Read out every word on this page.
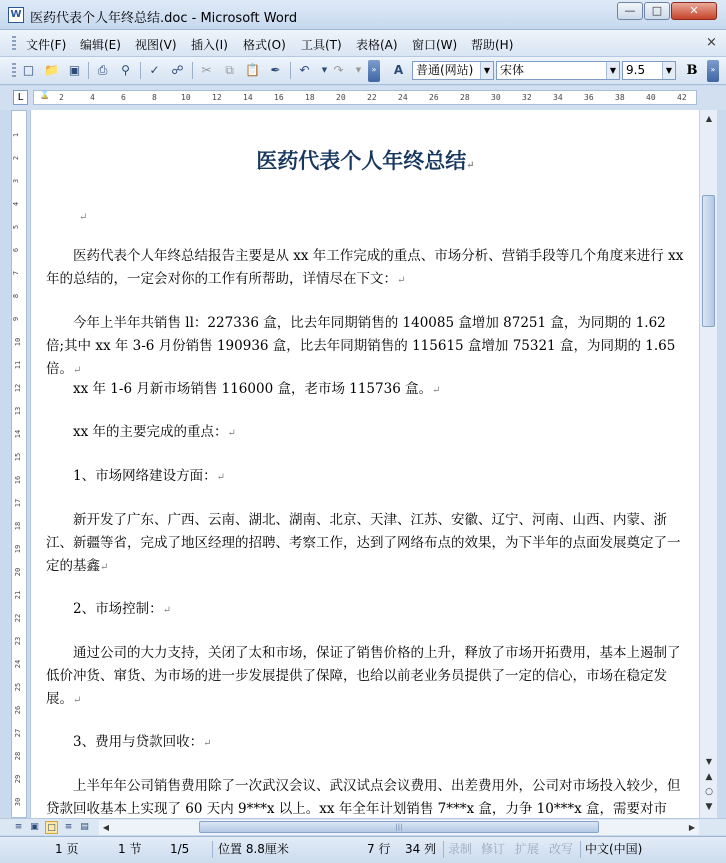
W 医药代表个人年终总结.doc - Microsoft Word
—	□	✕
文件(F) 编辑(E) 视图(V) 插入(I) 格式(O) 工具(T) 表格(A) 窗口(W) 帮助(H)	×
□ 📁 ▣	⎙	⚲	✓ ☍ ✂	⧉ 📋 ✒ ↶	▼ ↷	▼	»	A	普通(网站)	▼ 宋体	▼ 9.5	▼ B	»
L	⌛ 2	4	6	8	10	12	14	16	18	20	22	24	26	28	30	32	34	36	38	40	42
1
2
3
4
5
6
7
8
9
10
11
12
13
14
15
16
17
18
19
20
21
22
23
24
25
26
27
28
29
30
医药代表个人年终总结↵
↵
医药代表个人年终总结报告主要是从 xx 年工作完成的重点、市场分析、营销手段等几个角度来进行 xx 年的总结的，一定会对你的工作有所帮助，详情尽在下文：↵
今年上半年共销售 ll：227336 盒，比去年同期销售的 140085 盒增加 87251 盒，为同期的 1.62 倍;其中 xx 年 3-6 月份销售 190936 盒，比去年同期销售的 115615 盒增加 75321 盒，为同期的 1.65 倍。↵
xx 年 1-6 月新市场销售 116000 盒，老市场 115736 盒。↵
xx 年的主要完成的重点：↵
1、市场网络建设方面：↵
新开发了广东、广西、云南、湖北、湖南、北京、天津、江苏、安徽、辽宁、河南、山西、内蒙、浙江、新疆等省，完成了地区经理的招聘、考察工作，达到了网络布点的效果，为下半年的点面发展奠定了一定的基鑫↵
2、市场控制：↵
通过公司的大力支持，关闭了太和市场，保证了销售价格的上升，释放了市场开拓费用，基本上遏制了低价冲货、窜货、为市场的进一步发展提供了保障，也给以前老业务员提供了一定的信心，市场在稳定发展。↵
3、费用与贷款回收：↵
上半年年公司销售费用除了一次武汉会议、武汉试点会议费用、出差费用外，公司对市场投入较少，但贷款回收基本上实现了 60 天内 9***x 以上。xx 年全年计划销售 7***x 盒，力争 10***x 盒，需要对市
▲
▼
▲
○
▼
≡ ▣ □ ≡ ▤	◀	|||	▶
1 页	1 节 1/5 位置 8.8厘米	7 行 34 列 录制 修订 扩展 改写 中文(中国)
